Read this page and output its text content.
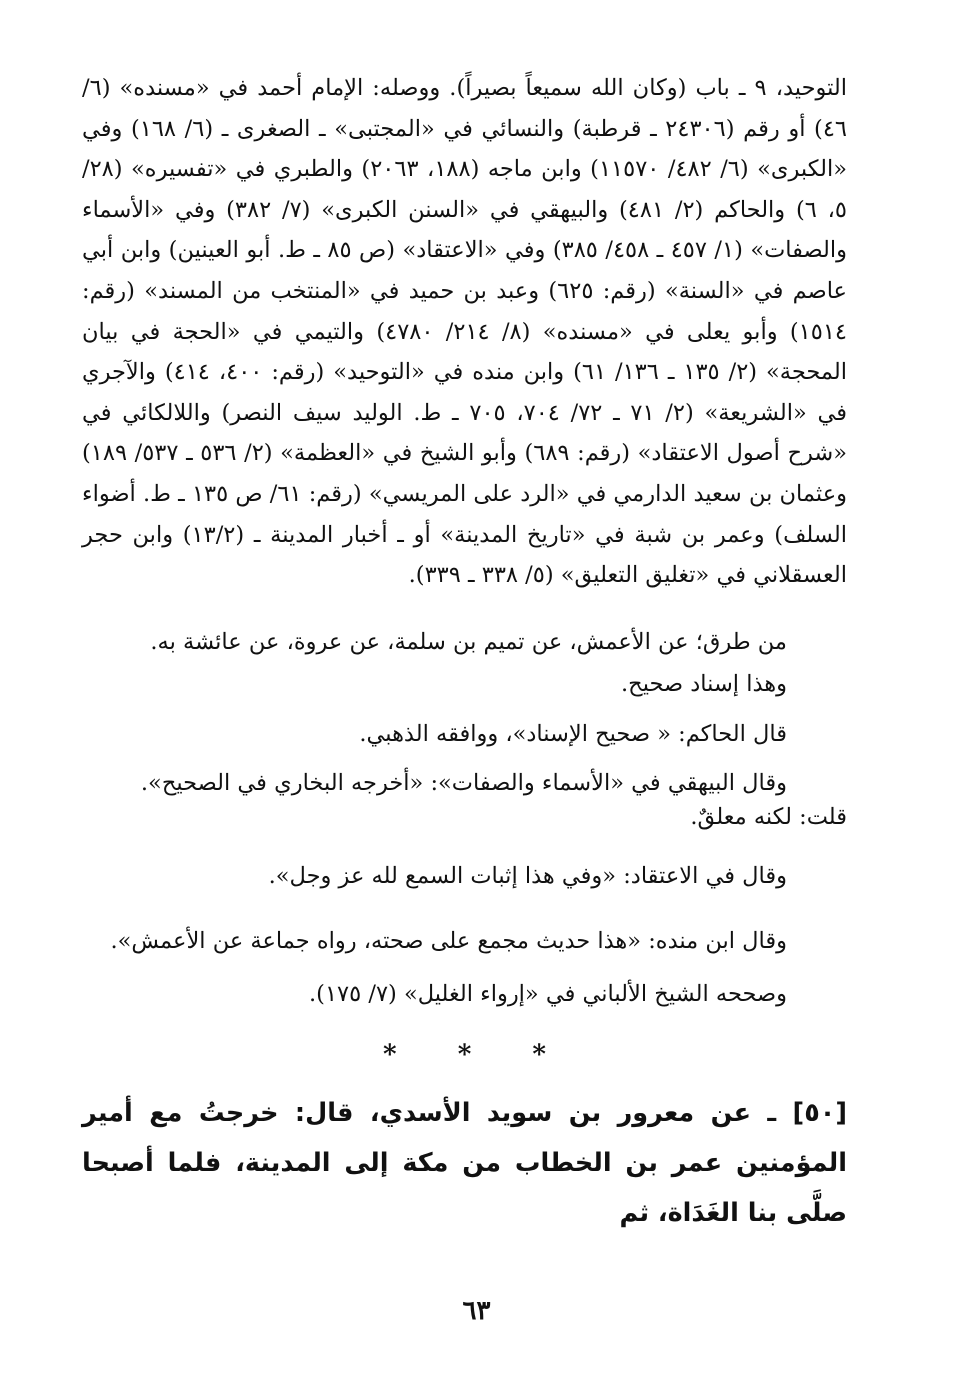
التوحيد، ٩ ـ باب (وكان الله سميعاً بصيراً). ووصله: الإمام أحمد في «مسنده» (٦/ ٤٦) أو رقم (٢٤٣٠٦ ـ قرطبة) والنسائي في «المجتبى» ـ الصغرى ـ (٦/ ١٦٨) وفي «الكبرى» (٦/ ٤٨٢/ ١١٥٧٠) وابن ماجه (١٨٨، ٢٠٦٣) والطبري في «تفسيره» (٢٨/ ٥، ٦) والحاكم (٢/ ٤٨١) والبيهقي في «السنن الكبرى» (٧/ ٣٨٢) وفي «الأسماء والصفات» (١/ ٤٥٧ ـ ٤٥٨/ ٣٨٥) وفي «الاعتقاد» (ص ٨٥ ـ ط. أبو العينين) وابن أبي عاصم في «السنة» (رقم: ٦٢٥) وعبد بن حميد في «المنتخب من المسند» (رقم: ١٥١٤) وأبو يعلى في «مسنده» (٨/ ٢١٤/ ٤٧٨٠) والتيمي في «الحجة في بيان المحجة» (٢/ ١٣٥ ـ ١٣٦/ ٦١) وابن منده في «التوحيد» (رقم: ٤٠٠، ٤١٤) والآجري في «الشريعة» (٢/ ٧١ ـ ٧٢/ ٧٠٤، ٧٠٥ ـ ط. الوليد سيف النصر) واللالكائي في «شرح أصول الاعتقاد» (رقم: ٦٨٩) وأبو الشيخ في «العظمة» (٢/ ٥٣٦ ـ ٥٣٧/ ١٨٩) وعثمان بن سعيد الدارمي في «الرد على المريسي» (رقم: ٦١/ ص ١٣٥ ـ ط. أضواء السلف) وعمر بن شبة في «تاريخ المدينة» أو ـ أخبار المدينة ـ (١٣/٢) وابن حجر العسقلاني في «تغليق التعليق» (٥/ ٣٣٨ ـ ٣٣٩).

من طرق؛ عن الأعمش، عن تميم بن سلمة، عن عروة، عن عائشة به.

وهذا إسناد صحيح.

قال الحاكم: « صحيح الإسناد»، ووافقه الذهبي.

وقال البيهقي في «الأسماء والصفات»: «أخرجه البخاري في الصحيح».

قلت: لكنه معلقٌ.

وقال في الاعتقاد: «وفي هذا إثبات السمع لله عز وجل».

وقال ابن منده: «هذا حديث مجمع على صحته، رواه جماعة عن الأعمش».

وصححه الشيخ الألباني في «إرواء الغليل» (٧/ ١٧٥).

* * *

[٥٠] ـ عن معرور بن سويد الأسدي، قال: خرجتُ مع أمير المؤمنين عمر بن الخطاب من مكة إلى المدينة، فلما أصبحا صلَّى بنا الغَدَاة، ثم

٦٣
